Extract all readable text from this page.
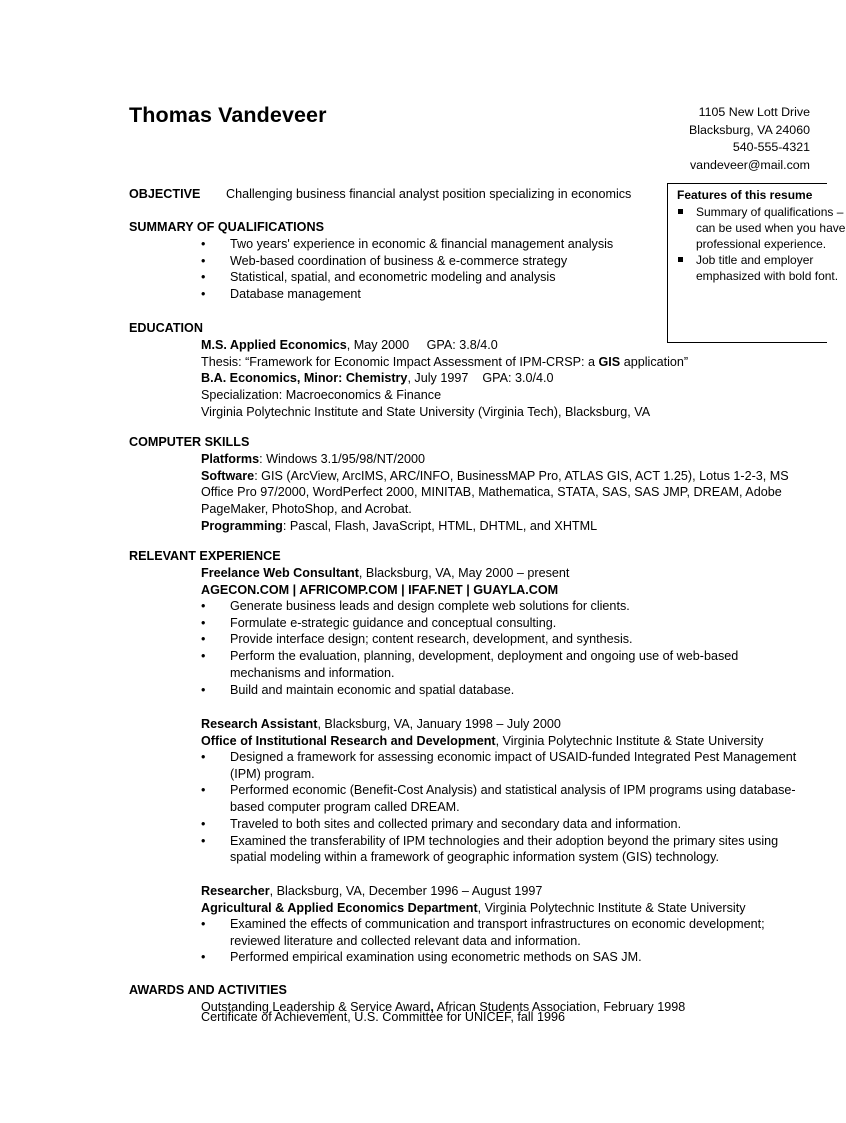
Thomas Vandeveer	1105 New Lott Drive
Blacksburg, VA 24060
540-555-4321
vandeveer@mail.com
Features of this resume
Summary of qualifications – can be used when you have professional experience.
Job title and employer emphasized with bold font.
OBJECTIVE Challenging business financial analyst position specializing in economics
SUMMARY OF QUALIFICATIONS
• Two years' experience in economic & financial management analysis
• Web-based coordination of business & e-commerce strategy
• Statistical, spatial, and econometric modeling and analysis
• Database management
EDUCATION
M.S. Applied Economics, May 2000     GPA: 3.8/4.0
Thesis: “Framework for Economic Impact Assessment of IPM-CRSP: a GIS application”
B.A. Economics, Minor: Chemistry, July 1997    GPA: 3.0/4.0
Specialization: Macroeconomics & Finance
Virginia Polytechnic Institute and State University (Virginia Tech), Blacksburg, VA
COMPUTER SKILLS
Platforms: Windows 3.1/95/98/NT/2000
Software: GIS (ArcView, ArcIMS, ARC/INFO, BusinessMAP Pro, ATLAS GIS, ACT 1.25), Lotus 1-2-3, MS Office Pro 97/2000, WordPerfect 2000, MINITAB, Mathematica, STATA, SAS, SAS JMP, DREAM, Adobe PageMaker, PhotoShop, and Acrobat.
Programming: Pascal, Flash, JavaScript, HTML, DHTML, and XHTML
RELEVANT EXPERIENCE
Freelance Web Consultant, Blacksburg, VA, May 2000 – present
AGECON.COM | AFRICOMP.COM | IFAF.NET | GUAYLA.COM
• Generate business leads and design complete web solutions for clients.
• Formulate e-strategic guidance and conceptual consulting.
• Provide interface design; content research, development, and synthesis.
• Perform the evaluation, planning, development, deployment and ongoing use of web-based mechanisms and information.
• Build and maintain economic and spatial database.
Research Assistant, Blacksburg, VA, January 1998 – July 2000
Office of Institutional Research and Development, Virginia Polytechnic Institute & State University
• Designed a framework for assessing economic impact of USAID-funded Integrated Pest Management (IPM) program.
• Performed economic (Benefit-Cost Analysis) and statistical analysis of IPM programs using database-based computer program called DREAM.
• Traveled to both sites and collected primary and secondary data and information.
• Examined the transferability of IPM technologies and their adoption beyond the primary sites using spatial modeling within a framework of geographic information system (GIS) technology.
Researcher, Blacksburg, VA, December 1996 – August 1997
Agricultural & Applied Economics Department, Virginia Polytechnic Institute & State University
• Examined the effects of communication and transport infrastructures on economic development; reviewed literature and collected relevant data and information.
• Performed empirical examination using econometric methods on SAS JM.
AWARDS AND ACTIVITIES
Outstanding Leadership & Service Award, African Students Association, February 1998
Certificate of Achievement, U.S. Committee for UNICEF, fall 1996
